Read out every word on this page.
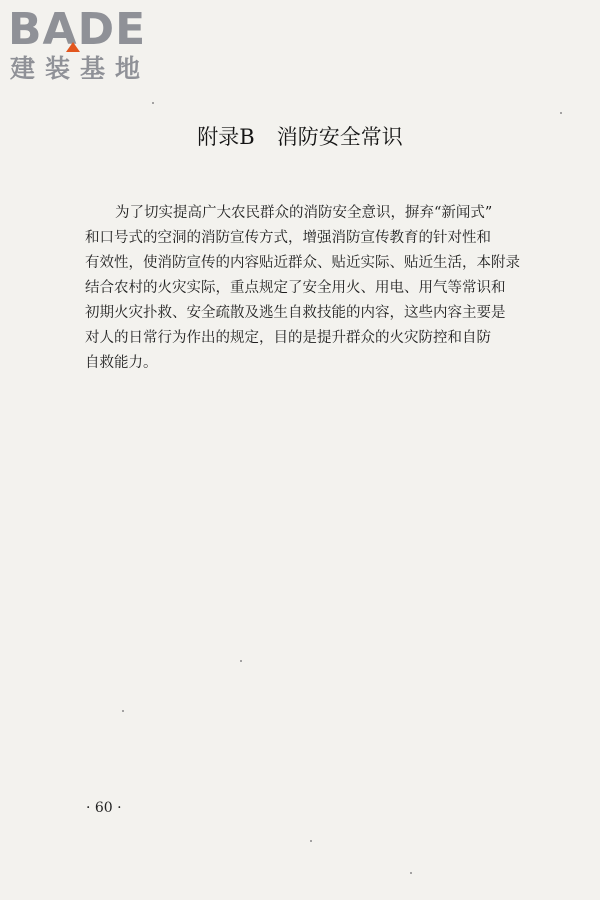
BADE
建装基地
附录B 消防安全常识
为了切实提高广大农民群众的消防安全意识，摒弃“新闻式”
和口号式的空洞的消防宣传方式，增强消防宣传教育的针对性和
有效性，使消防宣传的内容贴近群众、贴近实际、贴近生活，本附录
结合农村的火灾实际，重点规定了安全用火、用电、用气等常识和
初期火灾扑救、安全疏散及逃生自救技能的内容，这些内容主要是
对人的日常行为作出的规定，目的是提升群众的火灾防控和自防
自救能力。
· 60 ·
